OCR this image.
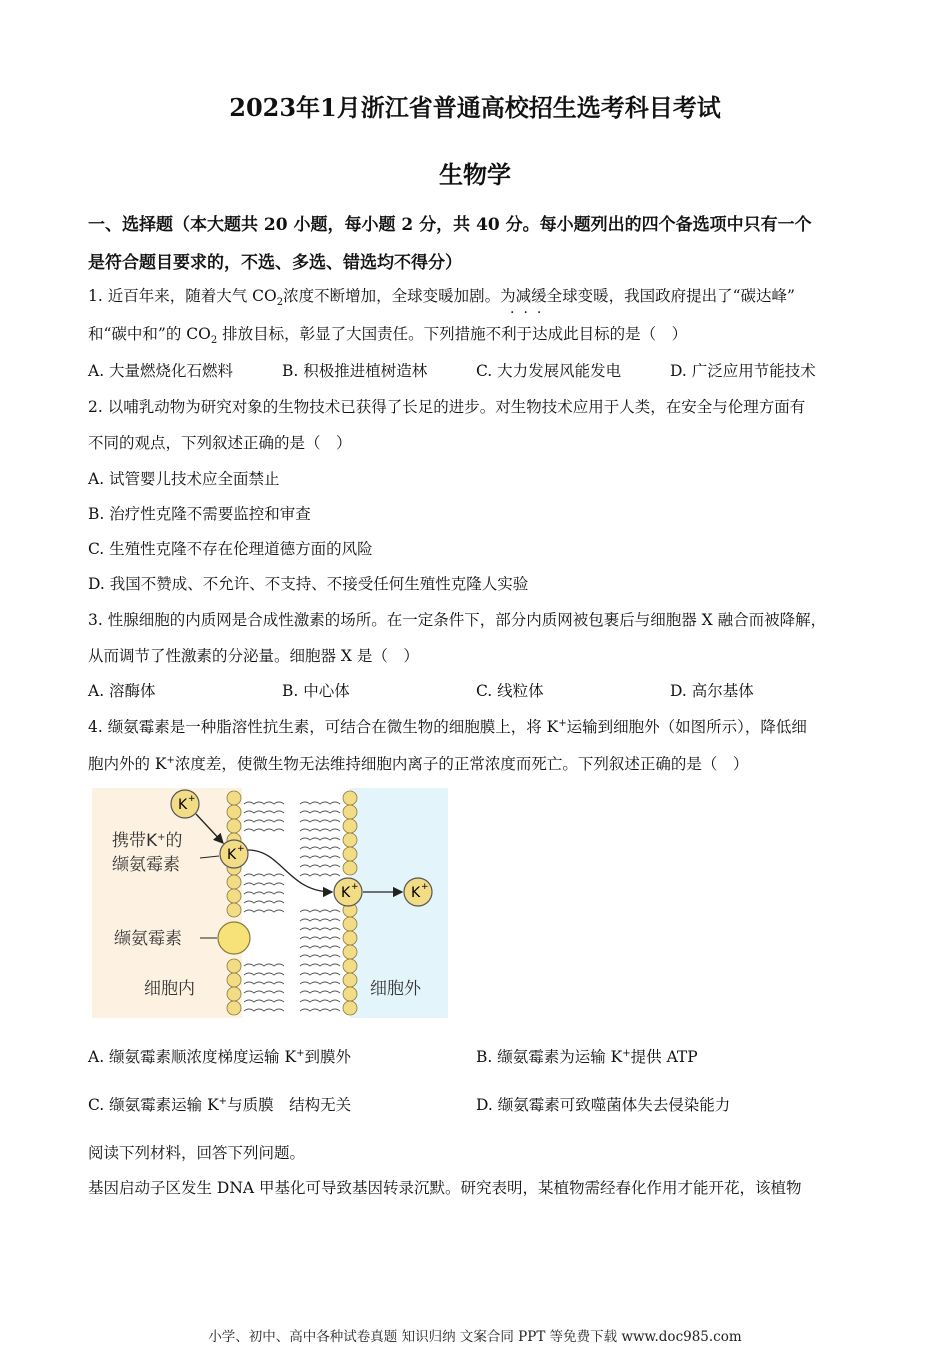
2023年1月浙江省普通高校招生选考科目考试
生物学
一、选择题（本大题共 20 小题，每小题 2 分，共 40 分。每小题列出的四个备选项中只有一个
是符合题目要求的，不选、多选、错选均不得分）
1. 近百年来，随着大气 $CO_2$浓度不断增加，全球变暖加剧。为减缓全球变暖，我国政府提出了“碳达峰”
···
和“碳中和”的 $CO_2$ 排放目标，彰显了大国责任。下列措施不利于达成此目标的是（　）
A. 大量燃烧化石燃料	B. 积极推进植树造林	C. 大力发展风能发电	D. 广泛应用节能技术
2. 以哺乳动物为研究对象的生物技术已获得了长足的进步。对生物技术应用于人类，在安全与伦理方面有
不同的观点，下列叙述正确的是（　）
A. 试管婴儿技术应全面禁止
B. 治疗性克隆不需要监控和审查
C. 生殖性克隆不存在伦理道德方面的风险
D. 我国不赞成、不允许、不支持、不接受任何生殖性克隆人实验
3. 性腺细胞的内质网是合成性激素的场所。在一定条件下，部分内质网被包裹后与细胞器 X 融合而被降解，
从而调节了性激素的分泌量。细胞器 X 是（　）
A. 溶酶体	B. 中心体	C. 线粒体	D. 高尔基体
4. 缬氨霉素是一种脂溶性抗生素，可结合在微生物的细胞膜上，将 K+运输到细胞外（如图所示），降低细
胞内外的 K+浓度差，使微生物无法维持细胞内离子的正常浓度而死亡。下列叙述正确的是（　）
K +
K +
K +	K +
携带K+的
缬氨霉素
缬氨霉素
细胞内	细胞外
A. 缬氨霉素顺浓度梯度运输 K+到膜外	B. 缬氨霉素为运输 K+提供 ATP
C. 缬氨霉素运输 K+与质膜　结构无关	D. 缬氨霉素可致噬菌体失去侵染能力
阅读下列材料，回答下列问题。
基因启动子区发生 DNA 甲基化可导致基因转录沉默。研究表明，某植物需经春化作用才能开花，该植物
小学、初中、高中各种试卷真题 知识归纳 文案合同 PPT 等免费下载 www.doc985.com
